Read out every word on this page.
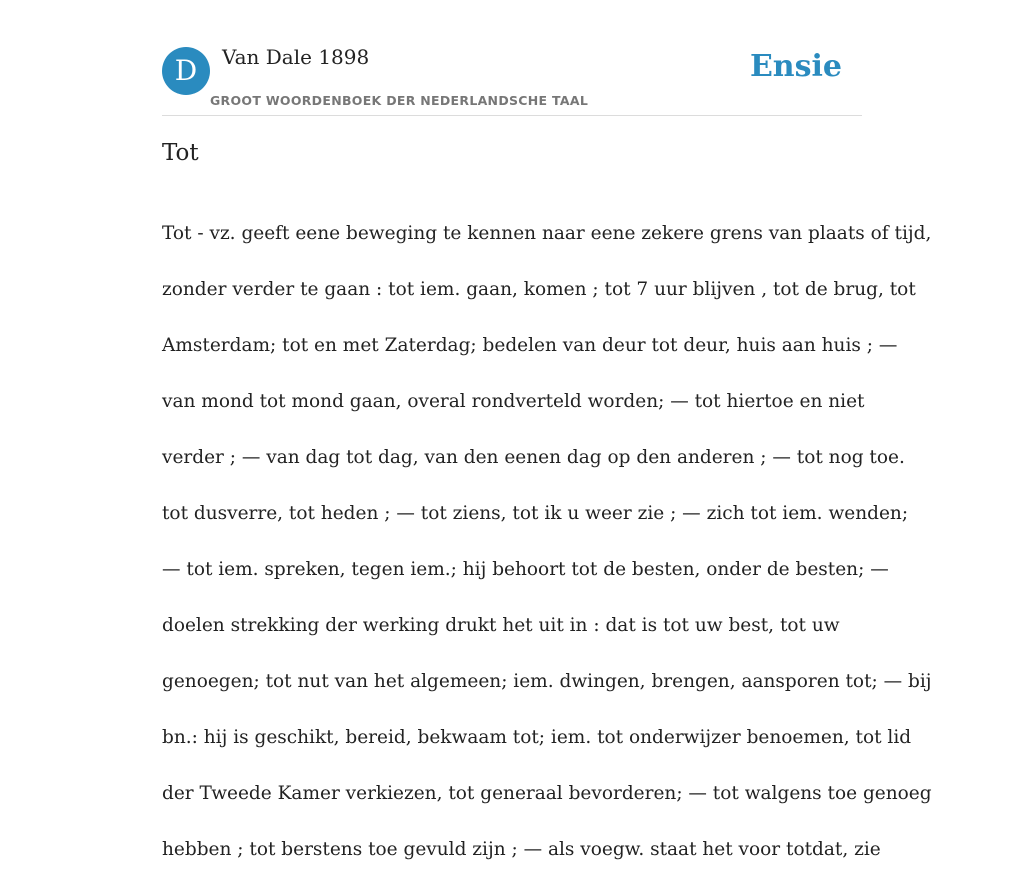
D	Van Dale 1898
GROOT WOORDENBOEK DER NEDERLANDSCHE TAAL
Ensie
Tot

Tot - vz. geeft eene beweging te kennen naar eene zekere grens van plaats of tijd,

zonder verder te gaan : tot iem. gaan, komen ; tot 7 uur blijven , tot de brug, tot

Amsterdam; tot en met Zaterdag; bedelen van deur tot deur, huis aan huis ; —

van mond tot mond gaan, overal rondverteld worden; — tot hiertoe en niet

verder ; — van dag tot dag, van den eenen dag op den anderen ; — tot nog toe.

tot dusverre, tot heden ; — tot ziens, tot ik u weer zie ; — zich tot iem. wenden;

— tot iem. spreken, tegen iem.; hij behoort tot de besten, onder de besten; —

doelen strekking der werking drukt het uit in : dat is tot uw best, tot uw

genoegen; tot nut van het algemeen; iem. dwingen, brengen, aansporen tot; — bij

bn.: hij is geschikt, bereid, bekwaam tot; iem. tot onderwijzer benoemen, tot lid

der Tweede Kamer verkiezen, tot generaal bevorderen; — tot walgens toe genoeg

hebben ; tot berstens toe gevuld zijn ; — als voegw. staat het voor totdat, zie
